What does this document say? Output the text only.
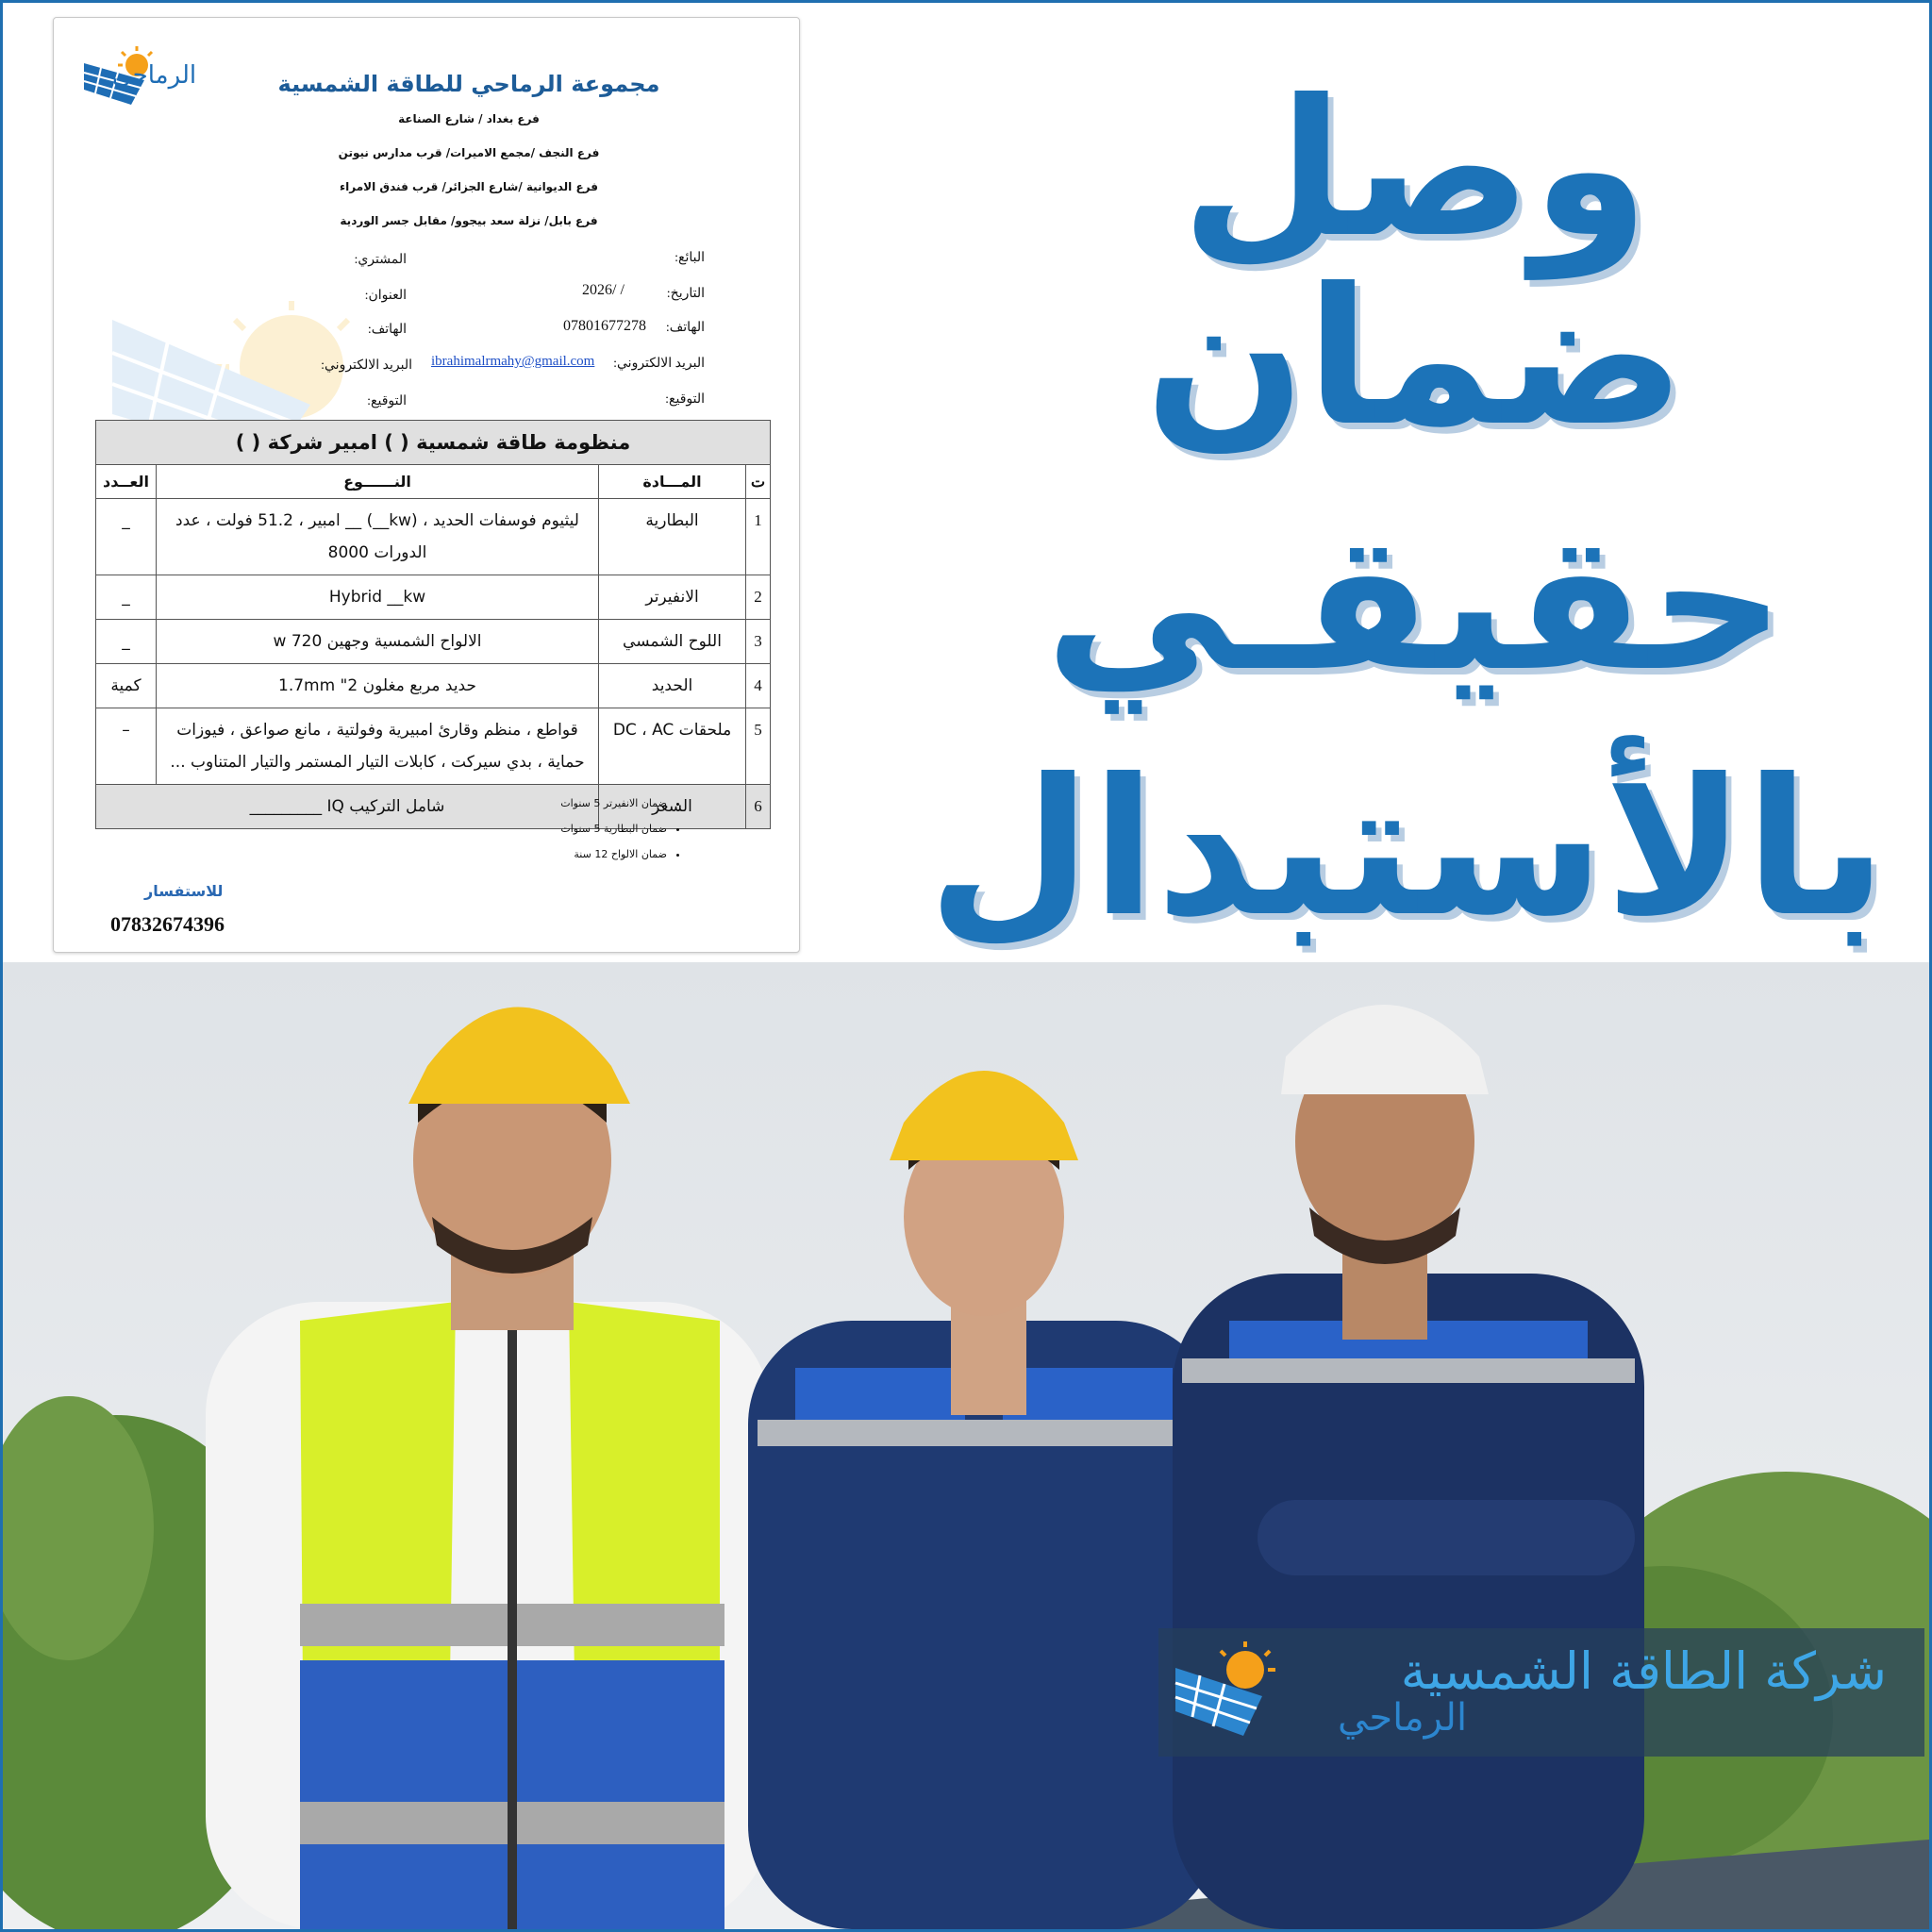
الرماحي	مجموعة الرماحي للطاقة الشمسية
فرع بغداد / شارع الصناعة
فرع النجف /مجمع الاميرات/ قرب مدارس نيوتن
فرع الديوانية /شارع الجزائر/ قرب فندق الامراء
فرع بابل/ نزلة سعد بيجوو/ مقابل جسر الوردية
البائع:
التاريخ:
2026/ /
الهاتف:
07801677278
البريد الالكتروني:
ibrahimalrmahy@gmail.com
التوقيع:
المشتري:
العنوان:
الهاتف:
البريد الالكتروني:
التوقيع:
منظومة طاقة شمسية ( ) امبير شركة ( )			
ت	المـــادة	النــــــوع	العــدد
1	البطارية	ليثيوم فوسفات الحديد ، (kw__) __ امبير ، 51.2 فولت ، عدد الدورات 8000	_
2	الانفيرتر	Hybrid __kw	_
3	اللوح الشمسي	الالواح الشمسية وجهين 720 w	_
4	الحديد	حديد مربع مغلون 2" 1.7mm	كمية
5	ملحقات DC ، AC	قواطع ، منظم وقارئ امبيرية وفولتية ، مانع صواعق ، فيوزات حماية ، بدي سيركت ، كابلات التيار المستمر والتيار المتناوب ...	–
6	السعر	شامل التركيب IQ _________		• ضمان الانفيرتر 5 سنوات
• ضمان البطارية 5 سنوات
• ضمان الالواح 12 سنة
للاستفسار
07832674396
وصل ضمان
حقيقـي
بالأستبدال
شركة الطاقة الشمسية
الرماحي
